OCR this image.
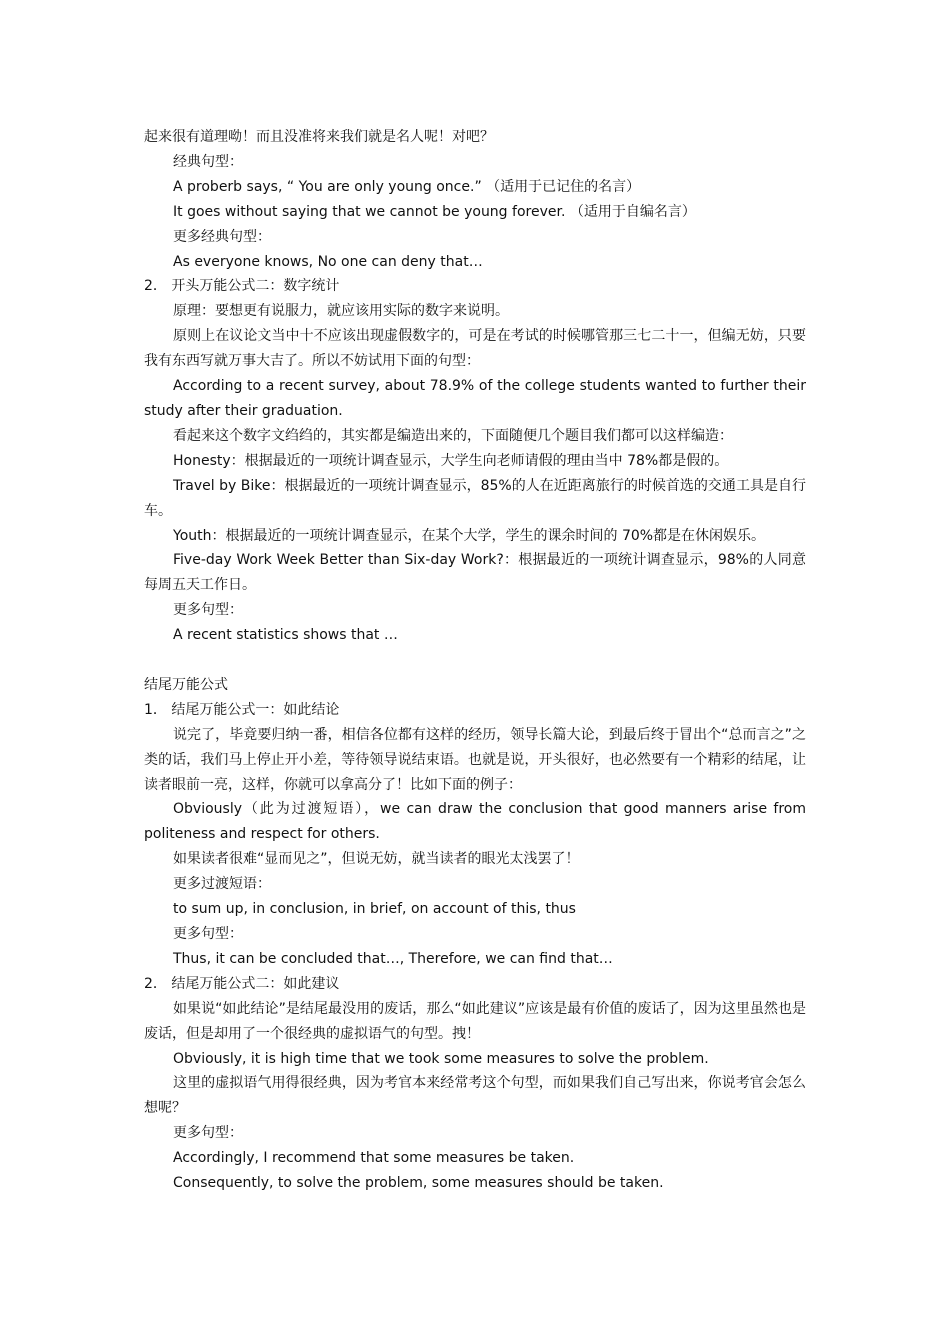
起来很有道理呦！而且没准将来我们就是名人呢！对吧？
经典句型：
A proberb says, “ You are only young once.” （适用于已记住的名言）
It goes without saying that we cannot be young forever. （适用于自编名言）
更多经典句型：
As everyone knows, No one can deny that…
2． 开头万能公式二：数字统计
原理：要想更有说服力，就应该用实际的数字来说明。
原则上在议论文当中十不应该出现虚假数字的，可是在考试的时候哪管那三七二十一，但编无妨，只要我有东西写就万事大吉了。所以不妨试用下面的句型：
According to a recent survey, about 78.9% of the college students wanted to further their study after their graduation.
看起来这个数字文绉绉的，其实都是编造出来的，下面随便几个题目我们都可以这样编造：
Honesty：根据最近的一项统计调查显示，大学生向老师请假的理由当中 78%都是假的。
Travel by Bike：根据最近的一项统计调查显示，85%的人在近距离旅行的时候首选的交通工具是自行车。
Youth：根据最近的一项统计调查显示，在某个大学，学生的课余时间的 70%都是在休闲娱乐。
Five-day Work Week Better than Six-day Work?：根据最近的一项统计调查显示，98%的人同意每周五天工作日。
更多句型：
A recent statistics shows that …
结尾万能公式
1． 结尾万能公式一：如此结论
说完了，毕竟要归纳一番，相信各位都有这样的经历，领导长篇大论，到最后终于冒出个“总而言之”之类的话，我们马上停止开小差，等待领导说结束语。也就是说，开头很好，也必然要有一个精彩的结尾，让读者眼前一亮，这样，你就可以拿高分了！比如下面的例子：
Obviously（此为过渡短语），we can draw the conclusion that good manners arise from politeness and respect for others.
如果读者很难“显而见之”，但说无妨，就当读者的眼光太浅罢了！
更多过渡短语：
to sum up, in conclusion, in brief, on account of this, thus
更多句型：
Thus, it can be concluded that…, Therefore, we can find that…
2． 结尾万能公式二：如此建议
如果说“如此结论”是结尾最没用的废话，那么“如此建议”应该是最有价值的废话了，因为这里虽然也是废话，但是却用了一个很经典的虚拟语气的句型。拽！
Obviously, it is high time that we took some measures to solve the problem.
这里的虚拟语气用得很经典，因为考官本来经常考这个句型，而如果我们自己写出来，你说考官会怎么想呢？
更多句型：
Accordingly, I recommend that some measures be taken.
Consequently, to solve the problem, some measures should be taken.
